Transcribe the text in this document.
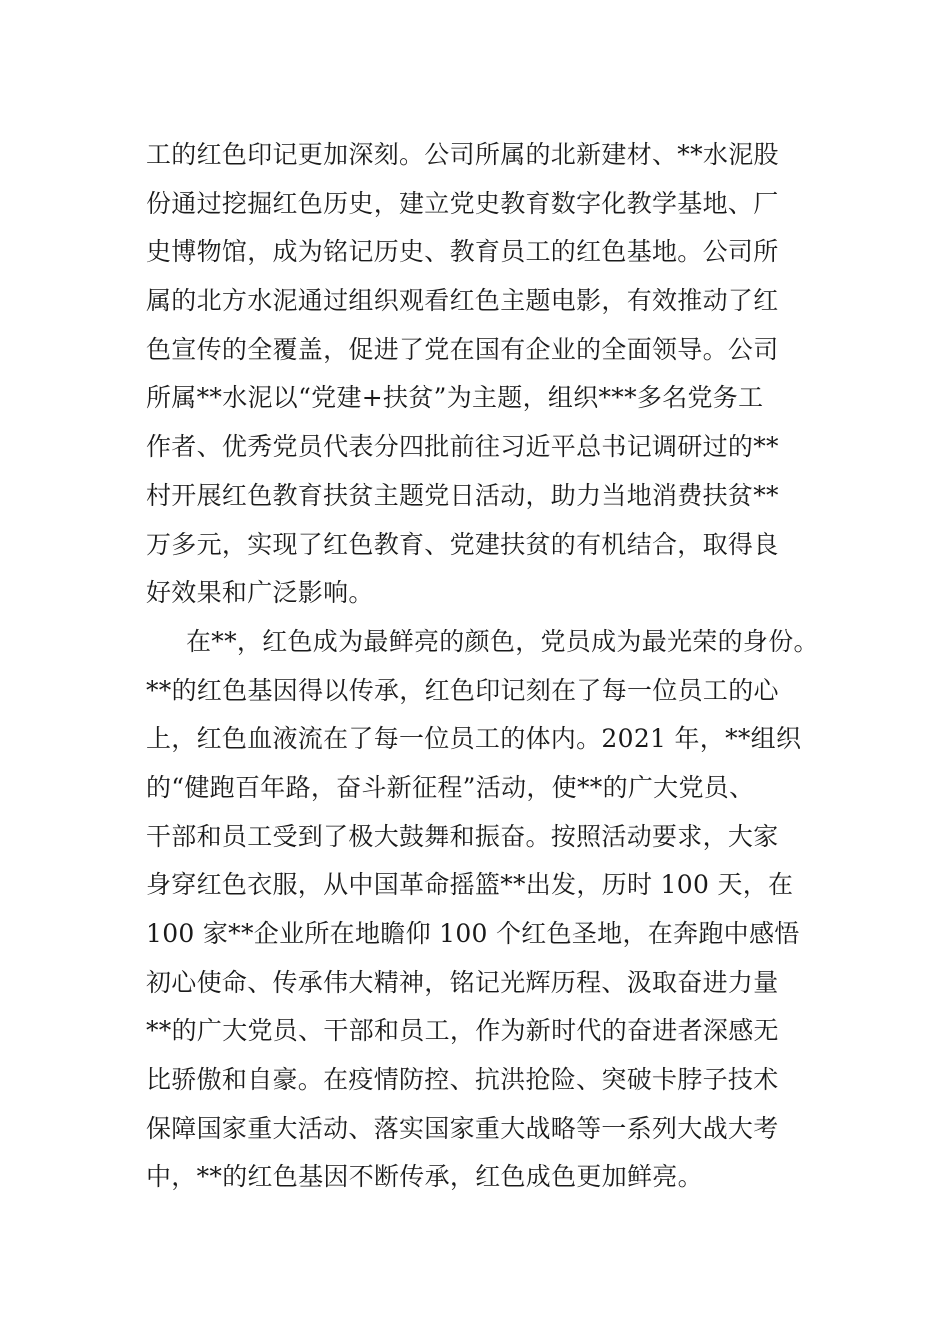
工的红色印记更加深刻。公司所属的北新建材、**水泥股
份通过挖掘红色历史，建立党史教育数字化教学基地、厂
史博物馆，成为铭记历史、教育员工的红色基地。公司所
属的北方水泥通过组织观看红色主题电影，有效推动了红
色宣传的全覆盖，促进了党在国有企业的全面领导。公司
所属**水泥以“党建+扶贫”为主题，组织***多名党务工
作者、优秀党员代表分四批前往习近平总书记调研过的**
村开展红色教育扶贫主题党日活动，助力当地消费扶贫**
万多元，实现了红色教育、党建扶贫的有机结合，取得良
好效果和广泛影响。
在**，红色成为最鲜亮的颜色，党员成为最光荣的身份。
**的红色基因得以传承，红色印记刻在了每一位员工的心
上，红色血液流在了每一位员工的体内。2021 年，**组织
的“健跑百年路，奋斗新征程”活动，使**的广大党员、
干部和员工受到了极大鼓舞和振奋。按照活动要求，大家
身穿红色衣服，从中国革命摇篮**出发，历时 100 天，在
100 家**企业所在地瞻仰 100 个红色圣地，在奔跑中感悟
初心使命、传承伟大精神，铭记光辉历程、汲取奋进力量
**的广大党员、干部和员工，作为新时代的奋进者深感无
比骄傲和自豪。在疫情防控、抗洪抢险、突破卡脖子技术
保障国家重大活动、落实国家重大战略等一系列大战大考
中，**的红色基因不断传承，红色成色更加鲜亮。
